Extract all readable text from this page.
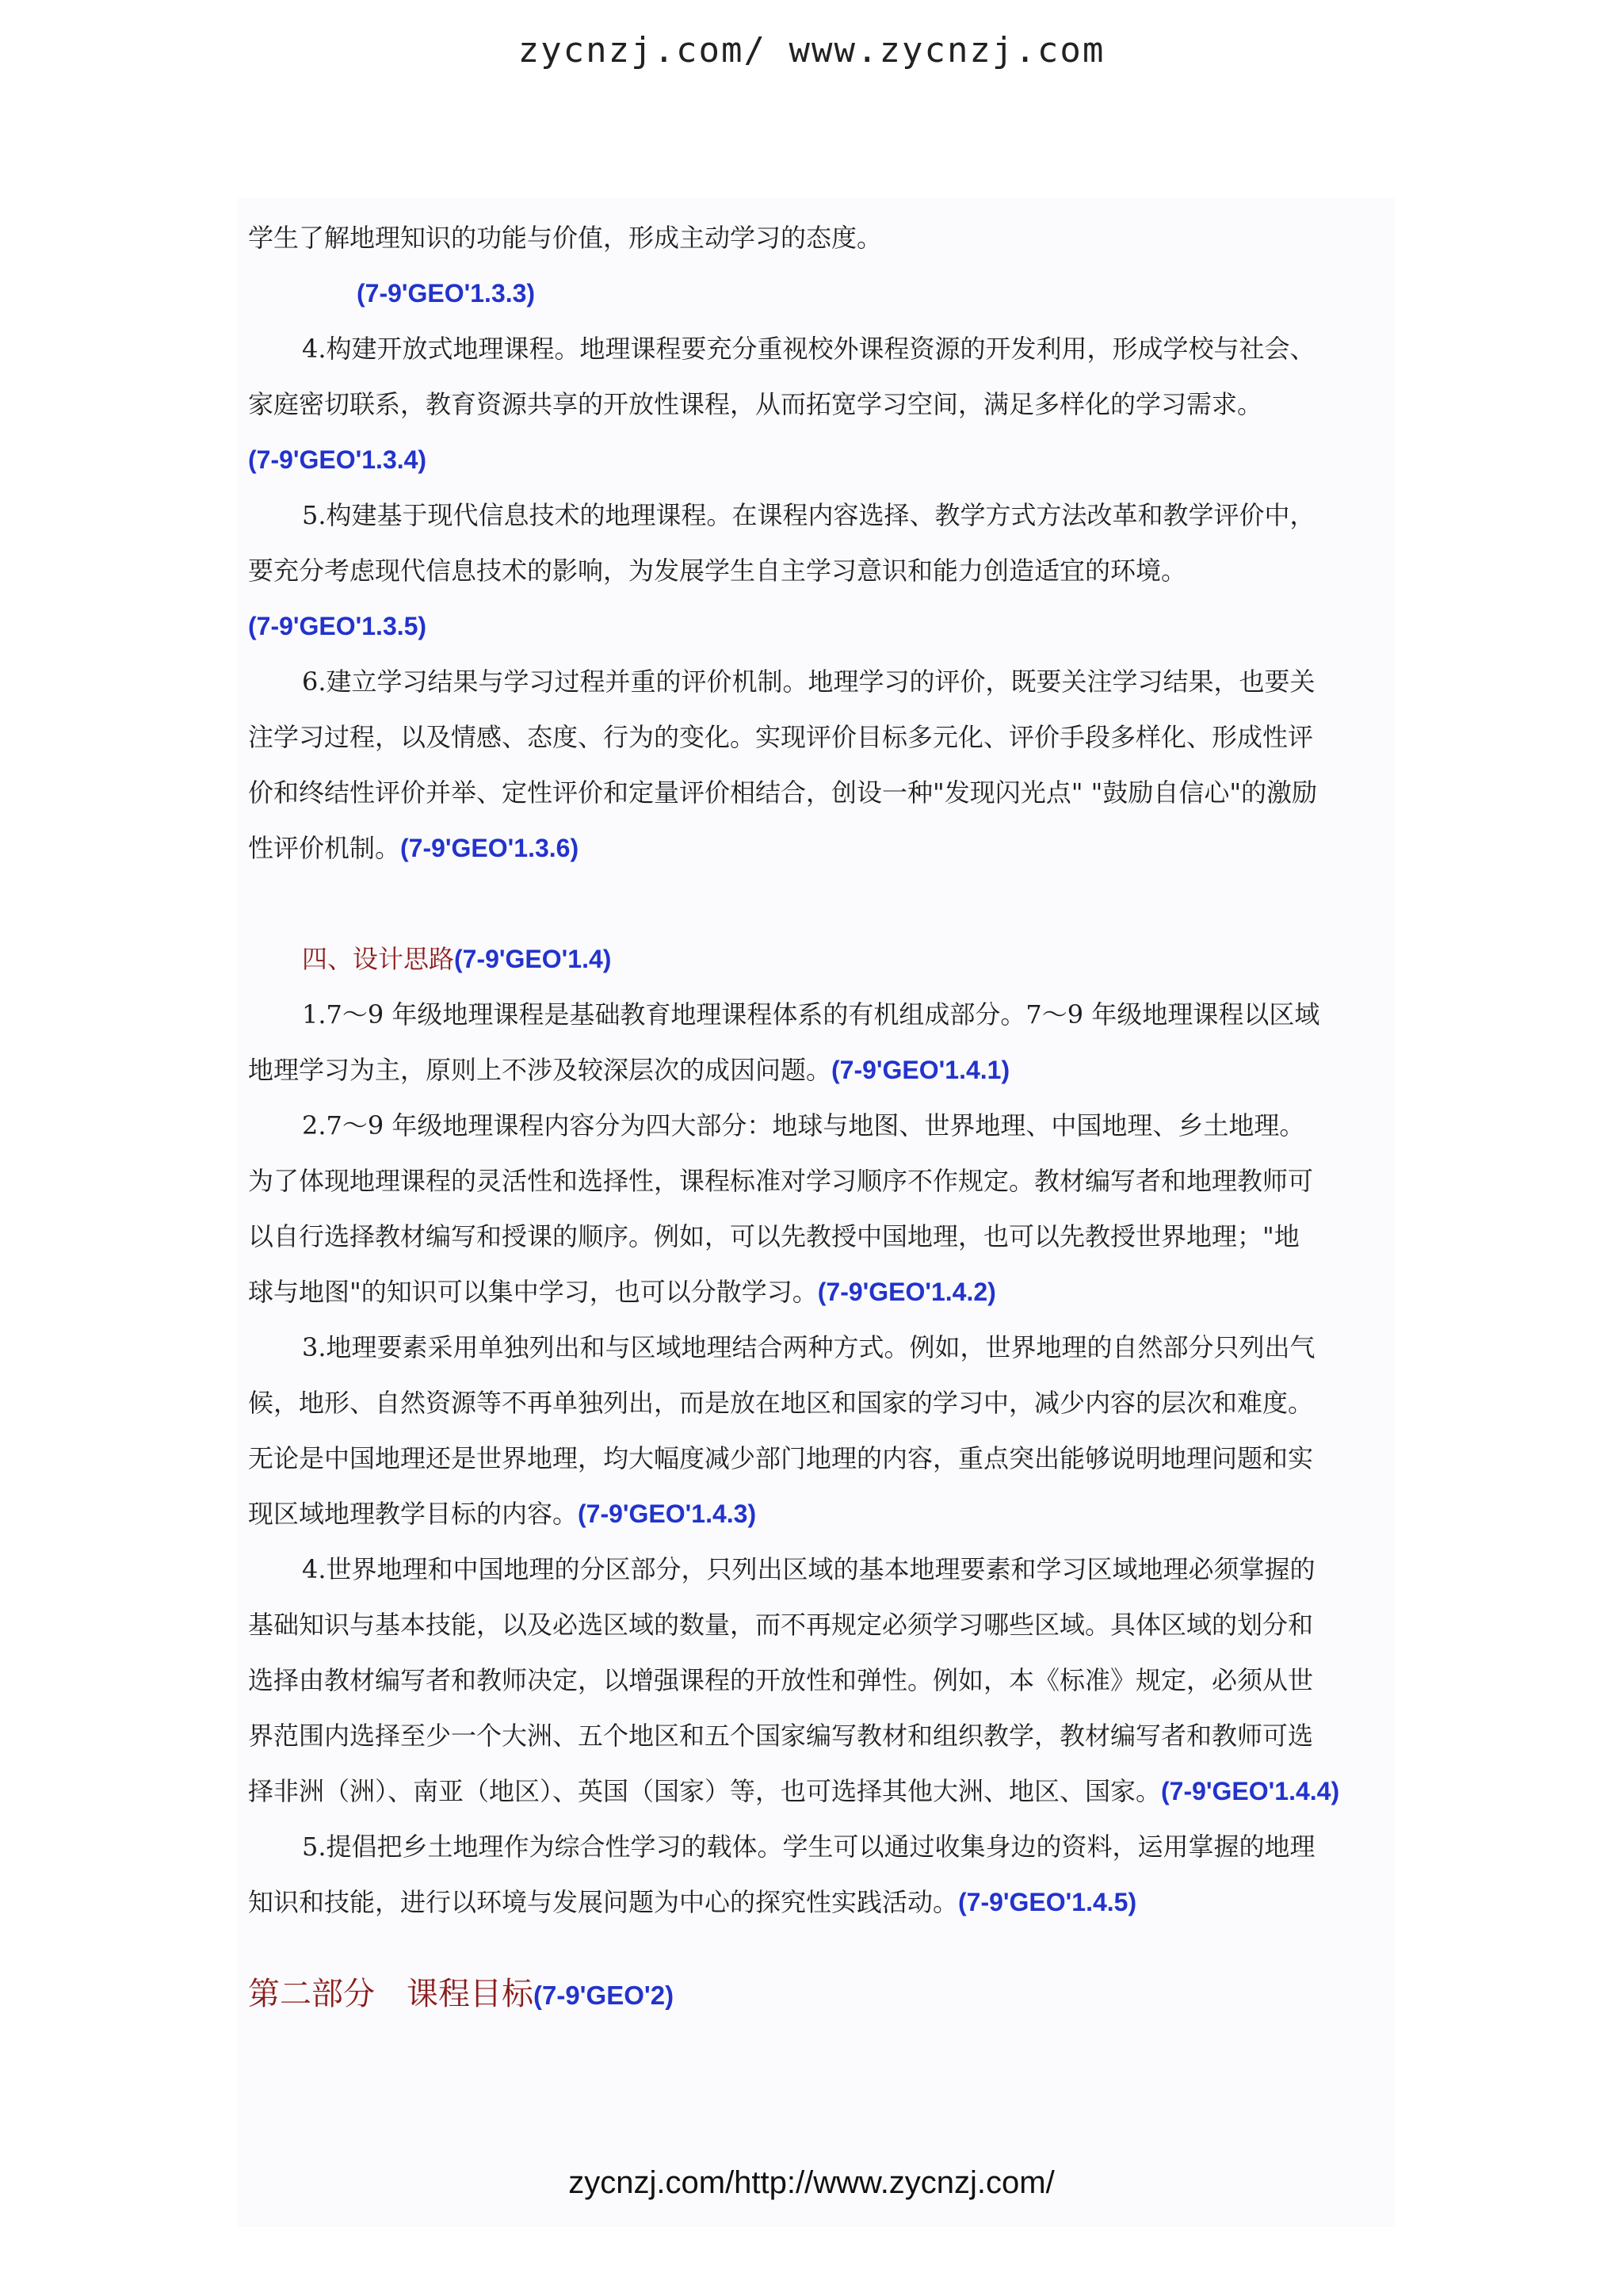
zycnzj.com/ www.zycnzj.com
学生了解地理知识的功能与价值，形成主动学习的态度。
(7-9'GEO'1.3.3)
4.构建开放式地理课程。地理课程要充分重视校外课程资源的开发利用，形成学校与社会、
家庭密切联系，教育资源共享的开放性课程，从而拓宽学习空间，满足多样化的学习需求。
(7-9'GEO'1.3.4)
5.构建基于现代信息技术的地理课程。在课程内容选择、教学方式方法改革和教学评价中，
要充分考虑现代信息技术的影响，为发展学生自主学习意识和能力创造适宜的环境。
(7-9'GEO'1.3.5)
6.建立学习结果与学习过程并重的评价机制。地理学习的评价，既要关注学习结果，也要关
注学习过程，以及情感、态度、行为的变化。实现评价目标多元化、评价手段多样化、形成性评
价和终结性评价并举、定性评价和定量评价相结合，创设一种"发现闪光点" "鼓励自信心"的激励
性评价机制。(7-9'GEO'1.3.6)
四、设计思路(7-9'GEO'1.4)
1.7～9 年级地理课程是基础教育地理课程体系的有机组成部分。7～9 年级地理课程以区域
地理学习为主，原则上不涉及较深层次的成因问题。(7-9'GEO'1.4.1)
2.7～9 年级地理课程内容分为四大部分：地球与地图、世界地理、中国地理、乡土地理。
为了体现地理课程的灵活性和选择性，课程标准对学习顺序不作规定。教材编写者和地理教师可
以自行选择教材编写和授课的顺序。例如，可以先教授中国地理，也可以先教授世界地理；"地
球与地图"的知识可以集中学习，也可以分散学习。(7-9'GEO'1.4.2)
3.地理要素采用单独列出和与区域地理结合两种方式。例如，世界地理的自然部分只列出气
候，地形、自然资源等不再单独列出，而是放在地区和国家的学习中，减少内容的层次和难度。
无论是中国地理还是世界地理，均大幅度减少部门地理的内容，重点突出能够说明地理问题和实
现区域地理教学目标的内容。(7-9'GEO'1.4.3)
4.世界地理和中国地理的分区部分，只列出区域的基本地理要素和学习区域地理必须掌握的
基础知识与基本技能，以及必选区域的数量，而不再规定必须学习哪些区域。具体区域的划分和
选择由教材编写者和教师决定，以增强课程的开放性和弹性。例如，本《标准》规定，必须从世
界范围内选择至少一个大洲、五个地区和五个国家编写教材和组织教学，教材编写者和教师可选
择非洲（洲）、南亚（地区）、英国（国家）等，也可选择其他大洲、地区、国家。(7-9'GEO'1.4.4)
5.提倡把乡土地理作为综合性学习的载体。学生可以通过收集身边的资料，运用掌握的地理
知识和技能，进行以环境与发展问题为中心的探究性实践活动。(7-9'GEO'1.4.5)
第二部分　课程目标(7-9'GEO'2)
zycnzj.com/http://www.zycnzj.com/
